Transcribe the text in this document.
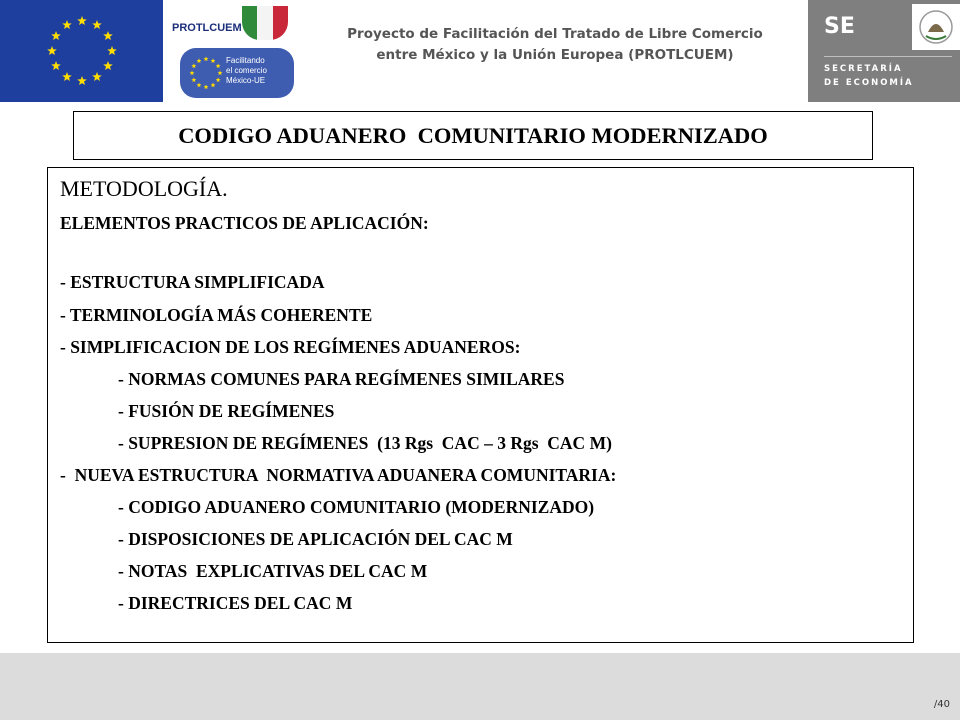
PROTLCUEM
Facilitando
el comercio
México-UE
Proyecto de Facilitación del Tratado de Libre Comercio
entre México y la Unión Europea (PROTLCUEM)
SE
SECRETARÍA
DE ECONOMÍA
CODIGO ADUANERO  COMUNITARIO MODERNIZADO
METODOLOGÍA.
ELEMENTOS PRACTICOS DE APLICACIÓN:
- ESTRUCTURA SIMPLIFICADA
- TERMINOLOGÍA MÁS COHERENTE
- SIMPLIFICACION DE LOS REGÍMENES ADUANEROS:
- NORMAS COMUNES PARA REGÍMENES SIMILARES
- FUSIÓN DE REGÍMENES
- SUPRESION DE REGÍMENES  (13 Rgs  CAC – 3 Rgs  CAC M)
-  NUEVA ESTRUCTURA  NORMATIVA ADUANERA COMUNITARIA:
- CODIGO ADUANERO COMUNITARIO (MODERNIZADO)
- DISPOSICIONES DE APLICACIÓN DEL CAC M
- NOTAS  EXPLICATIVAS DEL CAC M
- DIRECTRICES DEL CAC M
/40
